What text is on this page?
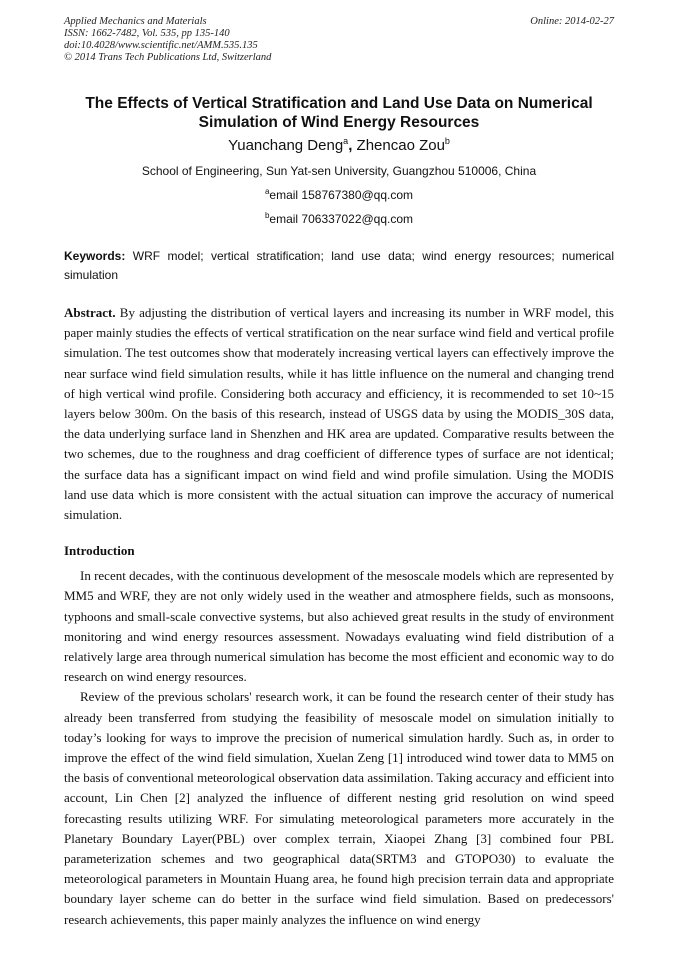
Applied Mechanics and Materials
ISSN: 1662-7482, Vol. 535, pp 135-140
doi:10.4028/www.scientific.net/AMM.535.135
© 2014 Trans Tech Publications Ltd, Switzerland
Online: 2014-02-27
The Effects of Vertical Stratification and Land Use Data on Numerical Simulation of Wind Energy Resources
Yuanchang Deng$^a$, Zhencao Zou$^b$
School of Engineering, Sun Yat-sen University, Guangzhou 510006, China
$^a$email 158767380@qq.com
$^b$email 706337022@qq.com
Keywords: WRF model; vertical stratification; land use data; wind energy resources; numerical simulation
Abstract. By adjusting the distribution of vertical layers and increasing its number in WRF model, this paper mainly studies the effects of vertical stratification on the near surface wind field and vertical profile simulation. The test outcomes show that moderately increasing vertical layers can effectively improve the near surface wind field simulation results, while it has little influence on the numeral and changing trend of high vertical wind profile. Considering both accuracy and efficiency, it is recommended to set 10~15 layers below 300m. On the basis of this research, instead of USGS data by using the MODIS_30S data, the data underlying surface land in Shenzhen and HK area are updated. Comparative results between the two schemes, due to the roughness and drag coefficient of difference types of surface are not identical; the surface data has a significant impact on wind field and wind profile simulation. Using the MODIS land use data which is more consistent with the actual situation can improve the accuracy of numerical simulation.
Introduction

In recent decades, with the continuous development of the mesoscale models which are represented by MM5 and WRF, they are not only widely used in the weather and atmosphere fields, such as monsoons, typhoons and small-scale convective systems, but also achieved great results in the study of environment monitoring and wind energy resources assessment. Nowadays evaluating wind field distribution of a relatively large area through numerical simulation has become the most efficient and economic way to do research on wind energy resources.

Review of the previous scholars' research work, it can be found the research center of their study has already been transferred from studying the feasibility of mesoscale model on simulation initially to today’s looking for ways to improve the precision of numerical simulation hardly. Such as, in order to improve the effect of the wind field simulation, Xuelan Zeng [1] introduced wind tower data to MM5 on the basis of conventional meteorological observation data assimilation. Taking accuracy and efficient into account, Lin Chen [2] analyzed the influence of different nesting grid resolution on wind speed forecasting results utilizing WRF. For simulating meteorological parameters more accurately in the Planetary Boundary Layer(PBL) over complex terrain, Xiaopei Zhang [3] combined four PBL parameterization schemes and two geographical data(SRTM3 and GTOPO30) to evaluate the meteorological parameters in Mountain Huang area, he found high precision terrain data and appropriate boundary layer scheme can do better in the surface wind field simulation. Based on predecessors' research achievements, this paper mainly analyzes the influence on wind energy
